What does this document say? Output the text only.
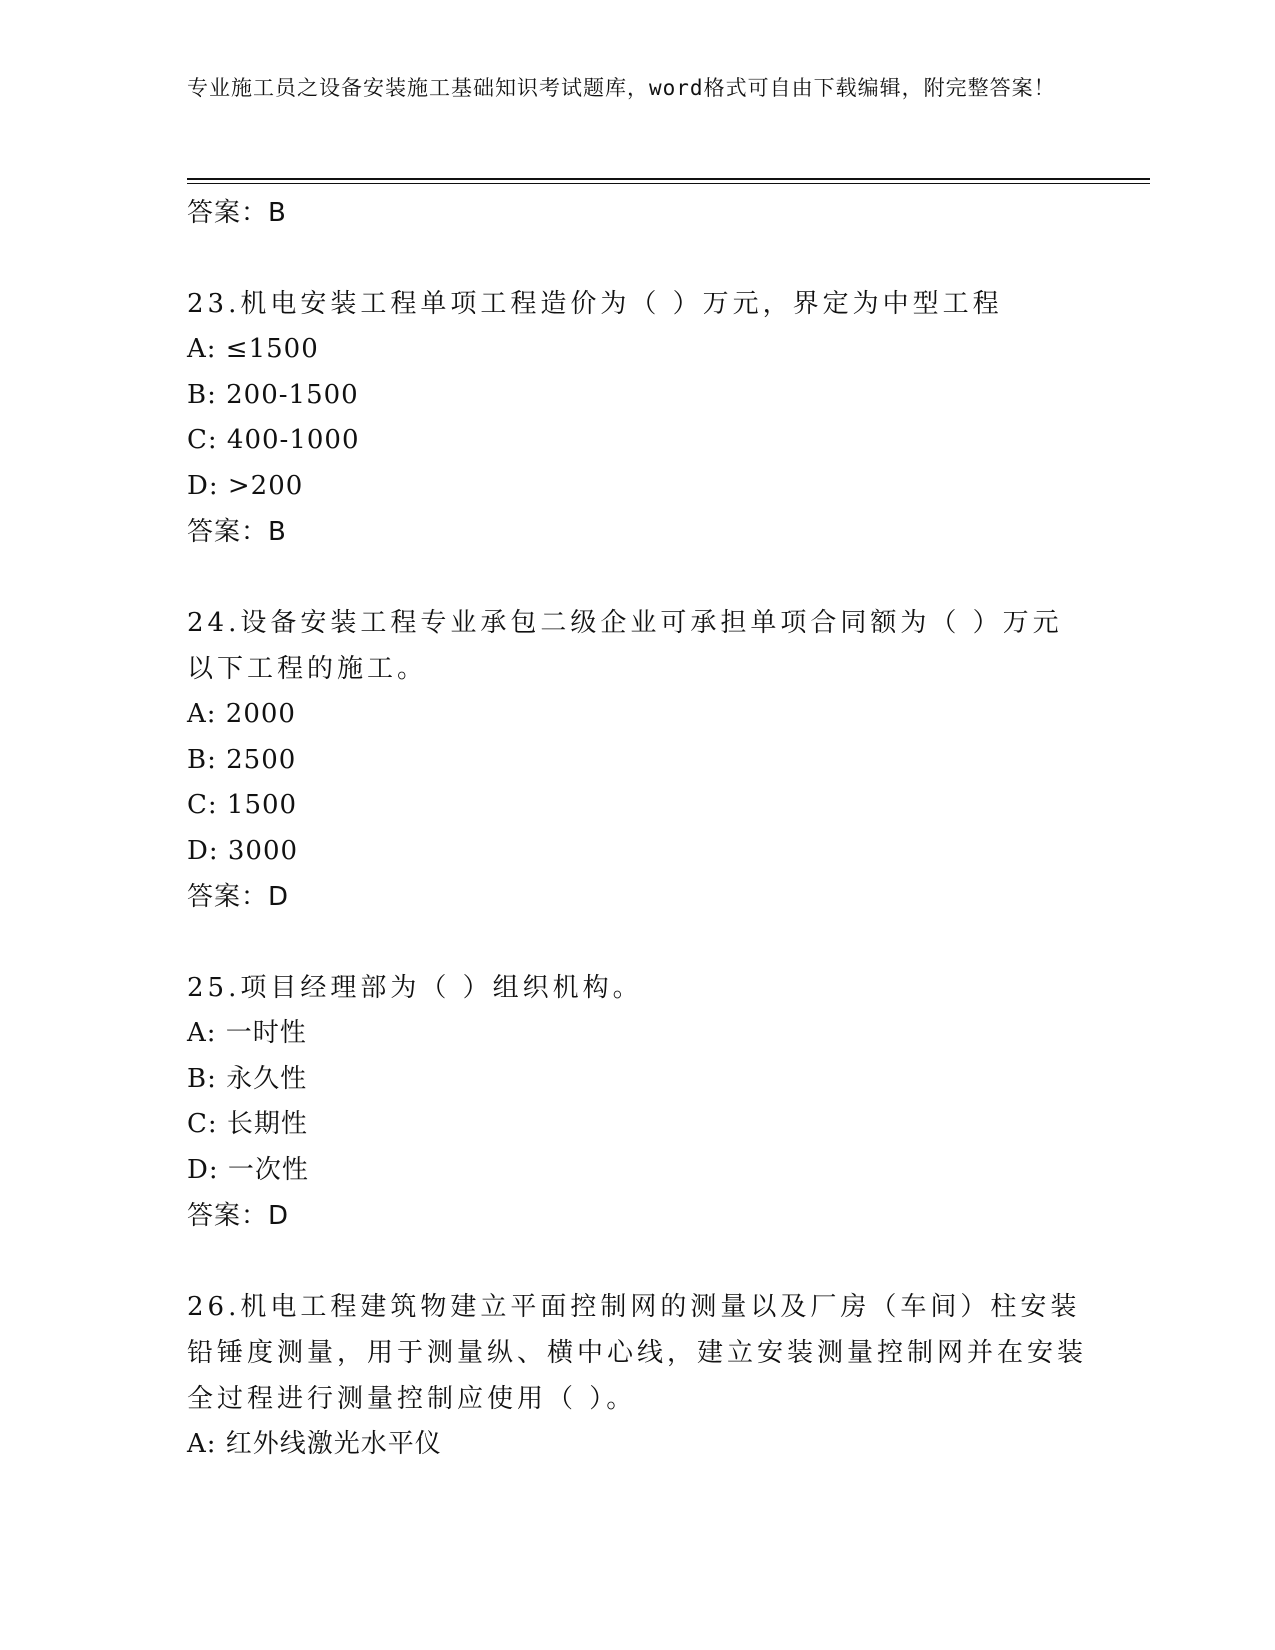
专业施工员之设备安装施工基础知识考试题库，word格式可自由下载编辑，附完整答案！
答案：B
23.机电安装工程单项工程造价为（ ）万元，界定为中型工程
A: ≤1500
B: 200-1500
C: 400-1000
D: >200
答案：B
24.设备安装工程专业承包二级企业可承担单项合同额为（ ）万元以下工程的施工。
A: 2000
B: 2500
C: 1500
D: 3000
答案：D
25.项目经理部为（ ）组织机构。
A: 一时性
B: 永久性
C: 长期性
D: 一次性
答案：D
26.机电工程建筑物建立平面控制网的测量以及厂房（车间）柱安装铅锤度测量，用于测量纵、横中心线，建立安装测量控制网并在安装全过程进行测量控制应使用（ ）。
A: 红外线激光水平仪
